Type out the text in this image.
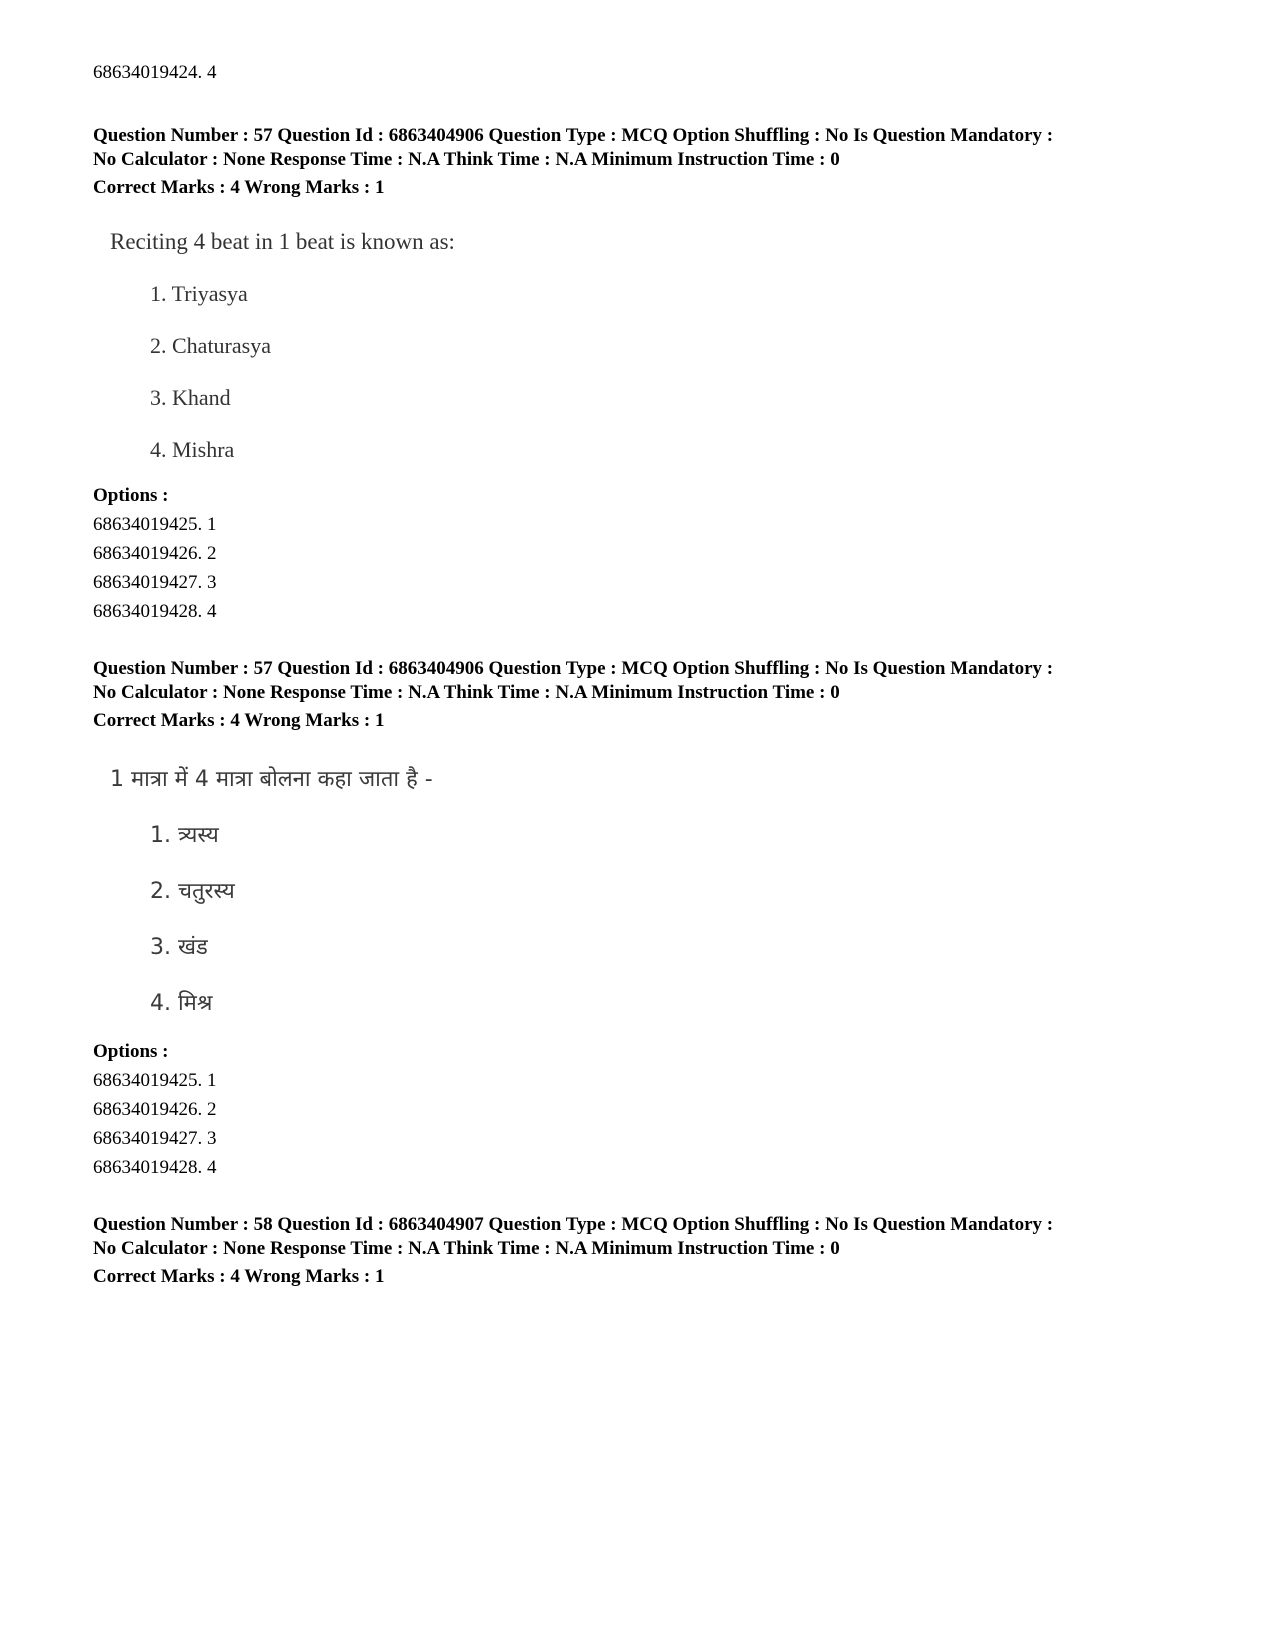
68634019424. 4
Question Number : 57 Question Id : 6863404906 Question Type : MCQ Option Shuffling : No Is Question Mandatory :
No Calculator : None Response Time : N.A Think Time : N.A Minimum Instruction Time : 0
Correct Marks : 4 Wrong Marks : 1
Reciting 4 beat in 1 beat is known as:
1. Triyasya
2. Chaturasya
3. Khand
4. Mishra
Options :
68634019425. 1
68634019426. 2
68634019427. 3
68634019428. 4
Question Number : 57 Question Id : 6863404906 Question Type : MCQ Option Shuffling : No Is Question Mandatory :
No Calculator : None Response Time : N.A Think Time : N.A Minimum Instruction Time : 0
Correct Marks : 4 Wrong Marks : 1
1 मात्रा में 4 मात्रा बोलना कहा जाता है -
1. त्र्यस्य
2. चतुरस्य
3. खंड
4. मिश्र
Options :
68634019425. 1
68634019426. 2
68634019427. 3
68634019428. 4
Question Number : 58 Question Id : 6863404907 Question Type : MCQ Option Shuffling : No Is Question Mandatory :
No Calculator : None Response Time : N.A Think Time : N.A Minimum Instruction Time : 0
Correct Marks : 4 Wrong Marks : 1
